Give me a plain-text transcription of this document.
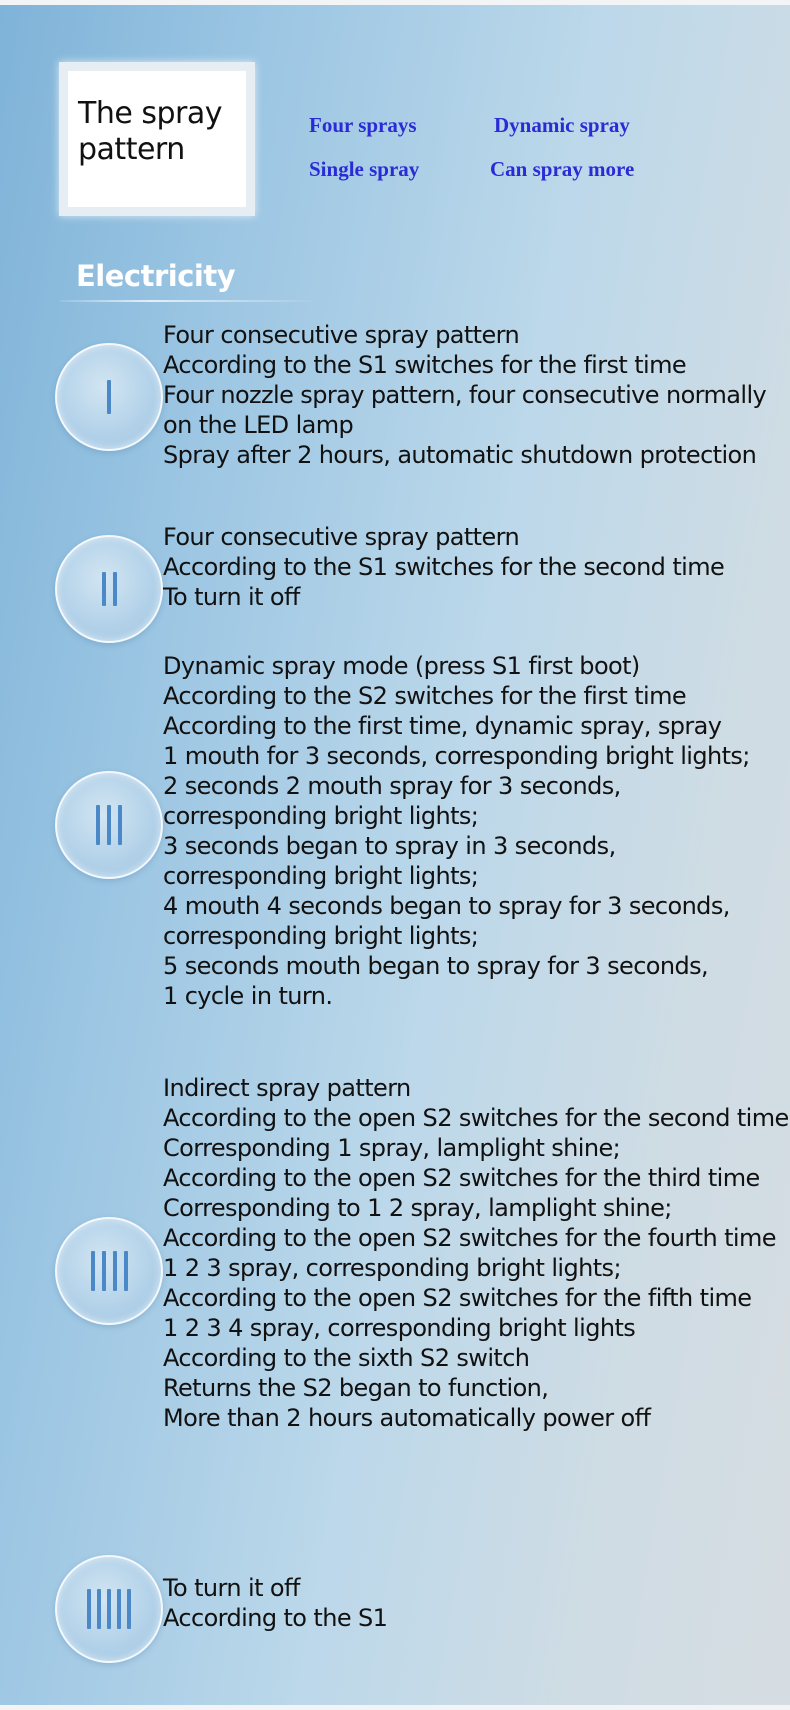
The spray pattern
Four sprays	Dynamic spray
Single spray	Can spray more
Electricity
Four consecutive spray pattern
According to the S1 switches for the first time
Four nozzle spray pattern, four consecutive normally
on the LED lamp
Spray after 2 hours, automatic shutdown protection
Four consecutive spray pattern
According to the S1 switches for the second time
To turn it off
Dynamic spray mode (press S1 first boot)
According to the S2 switches for the first time
According to the first time, dynamic spray, spray
1 mouth for 3 seconds, corresponding bright lights;
2 seconds 2 mouth spray for 3 seconds,
corresponding bright lights;
3 seconds began to spray in 3 seconds,
corresponding bright lights;
4 mouth 4 seconds began to spray for 3 seconds,
corresponding bright lights;
5 seconds mouth began to spray for 3 seconds,
1 cycle in turn.
Indirect spray pattern
According to the open S2 switches for the second time
Corresponding 1 spray, lamplight shine;
According to the open S2 switches for the third time
Corresponding to 1 2 spray, lamplight shine;
According to the open S2 switches for the fourth time
1 2 3 spray, corresponding bright lights;
According to the open S2 switches for the fifth time
1 2 3 4 spray, corresponding bright lights
According to the sixth S2 switch
Returns the S2 began to function,
More than 2 hours automatically power off
To turn it off
According to the S1
